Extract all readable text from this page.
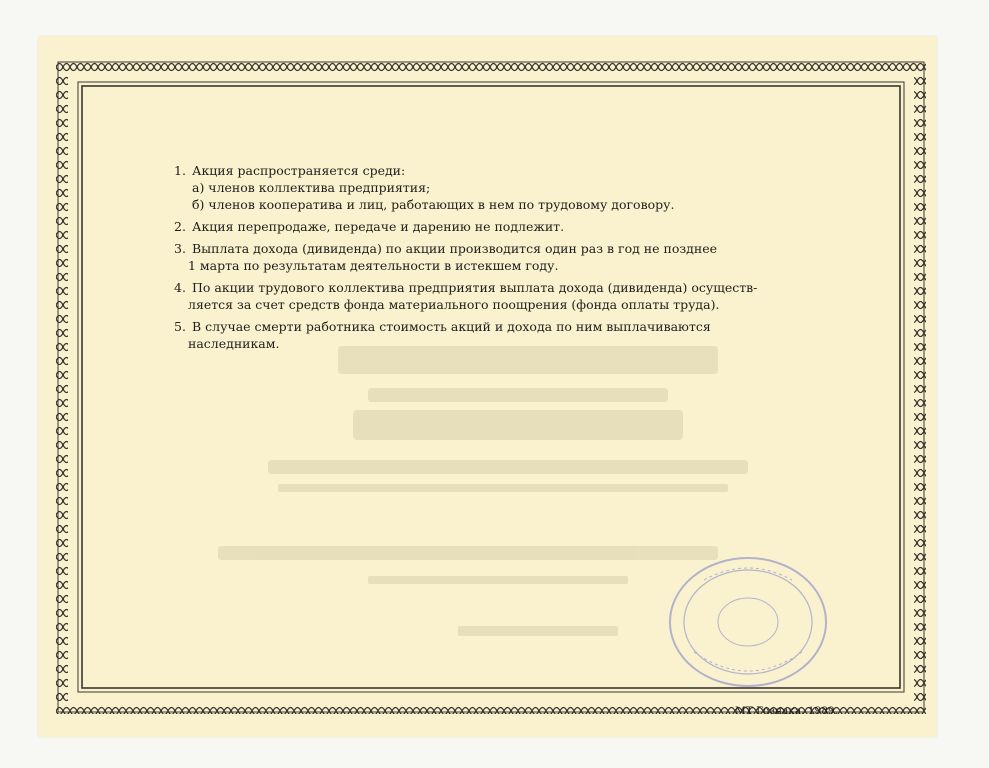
1. Акция распространяется среди:
а) членов коллектива предприятия;
б) членов кооператива и лиц, работающих в нем по трудовому договору.
2. Акция перепродаже, передаче и дарению не подлежит.
3. Выплата дохода (дивиденда) по акции производится один раз в год не позднее
1 марта по результатам деятельности в истекшем году.
4. По акции трудового коллектива предприятия выплата дохода (дивиденда) осуществ-
ляется за счет средств фонда материального поощрения (фонда оплаты труда).
5. В случае смерти работника стоимость акций и дохода по ним выплачиваются
наследникам.
МТ Гознака. 1989.
